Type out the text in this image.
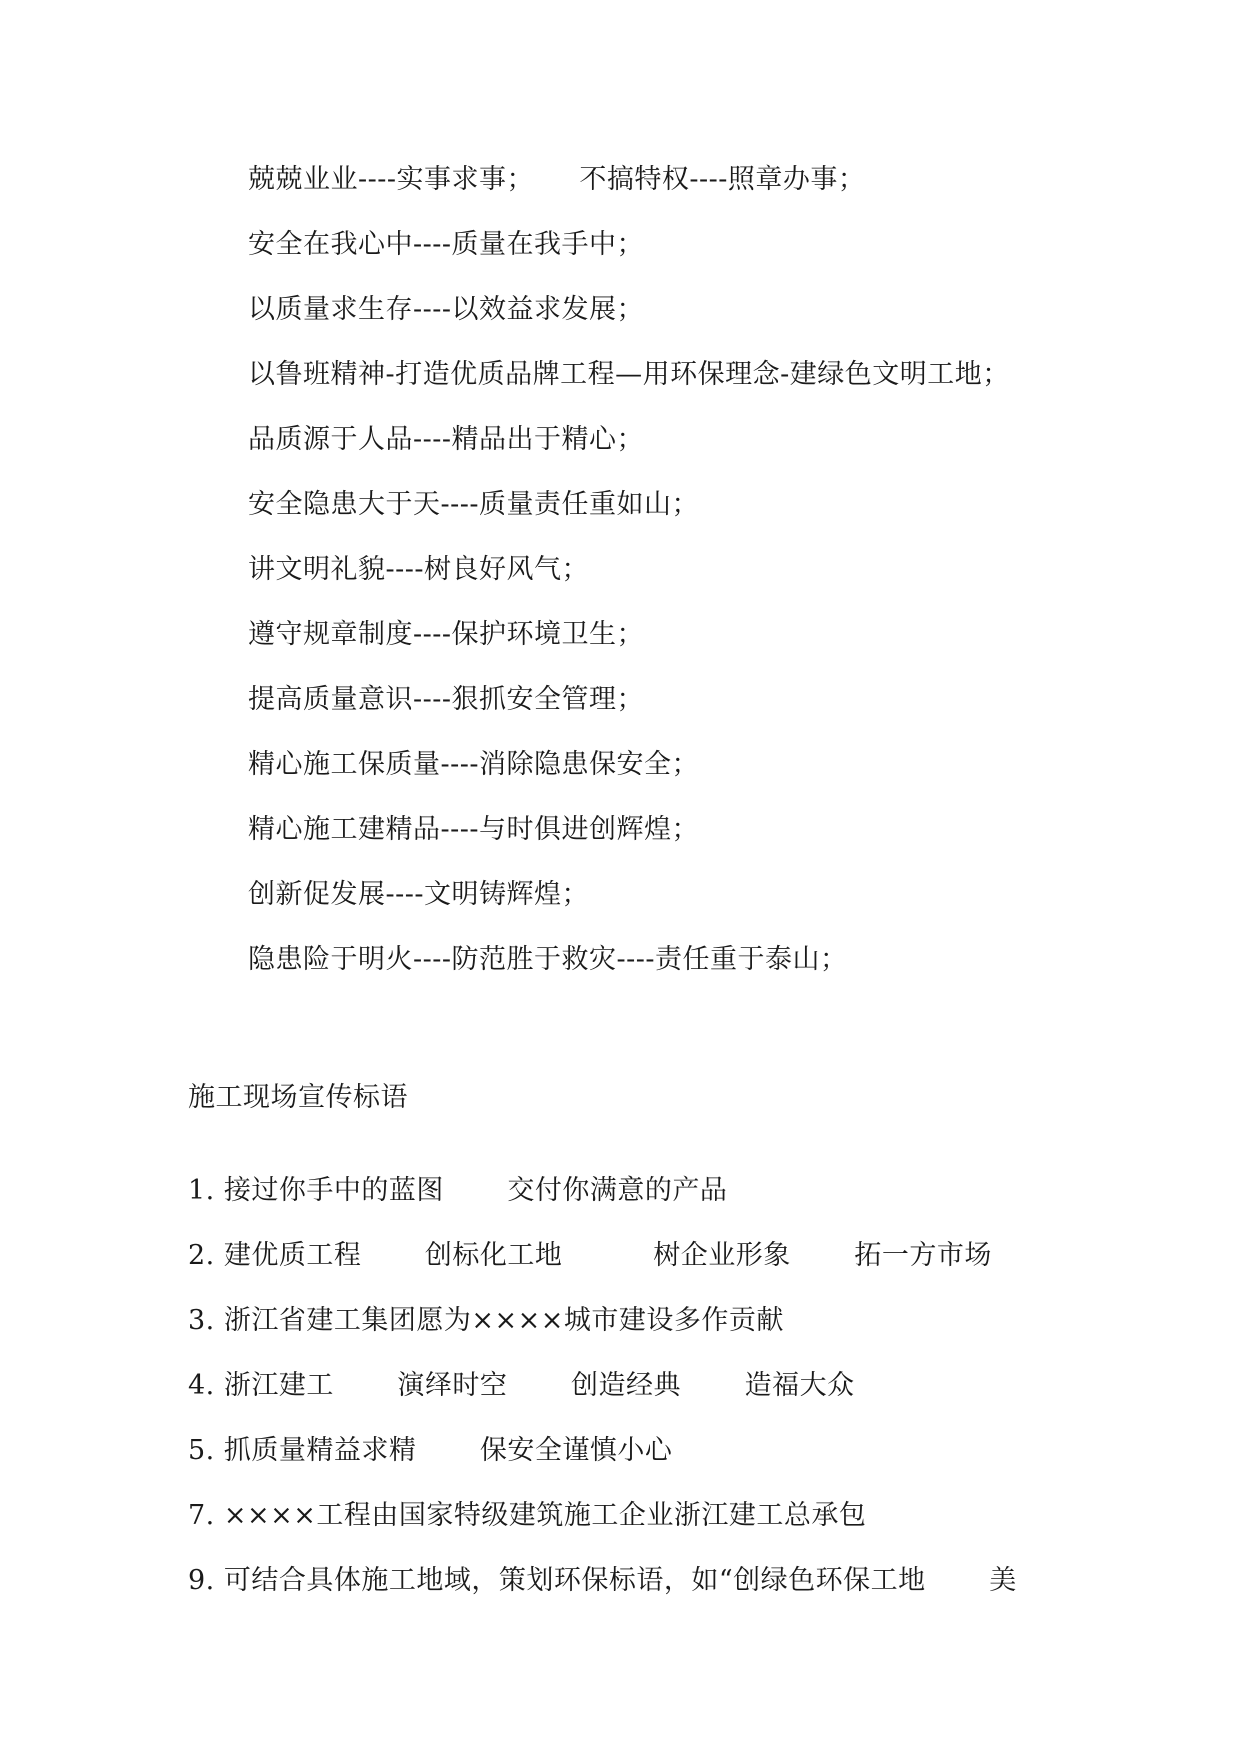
兢兢业业----实事求事；     不搞特权----照章办事；
安全在我心中----质量在我手中；
以质量求生存----以效益求发展；
以鲁班精神-打造优质品牌工程—用环保理念-建绿色文明工地；
品质源于人品----精品出于精心；
安全隐患大于天----质量责任重如山；
讲文明礼貌----树良好风气；
遵守规章制度----保护环境卫生；
提高质量意识----狠抓安全管理；
精心施工保质量----消除隐患保安全；
精心施工建精品----与时俱进创辉煌；
创新促发展----文明铸辉煌；
隐患险于明火----防范胜于救灾----责任重于泰山；
施工现场宣传标语
1. 接过你手中的蓝图       交付你满意的产品
2. 建优质工程       创标化工地          树企业形象       拓一方市场
3. 浙江省建工集团愿为××××城市建设多作贡献
4. 浙江建工       演绎时空       创造经典       造福大众
5. 抓质量精益求精       保安全谨慎小心
7. ××××工程由国家特级建筑施工企业浙江建工总承包
9. 可结合具体施工地域，策划环保标语，如“创绿色环保工地       美
